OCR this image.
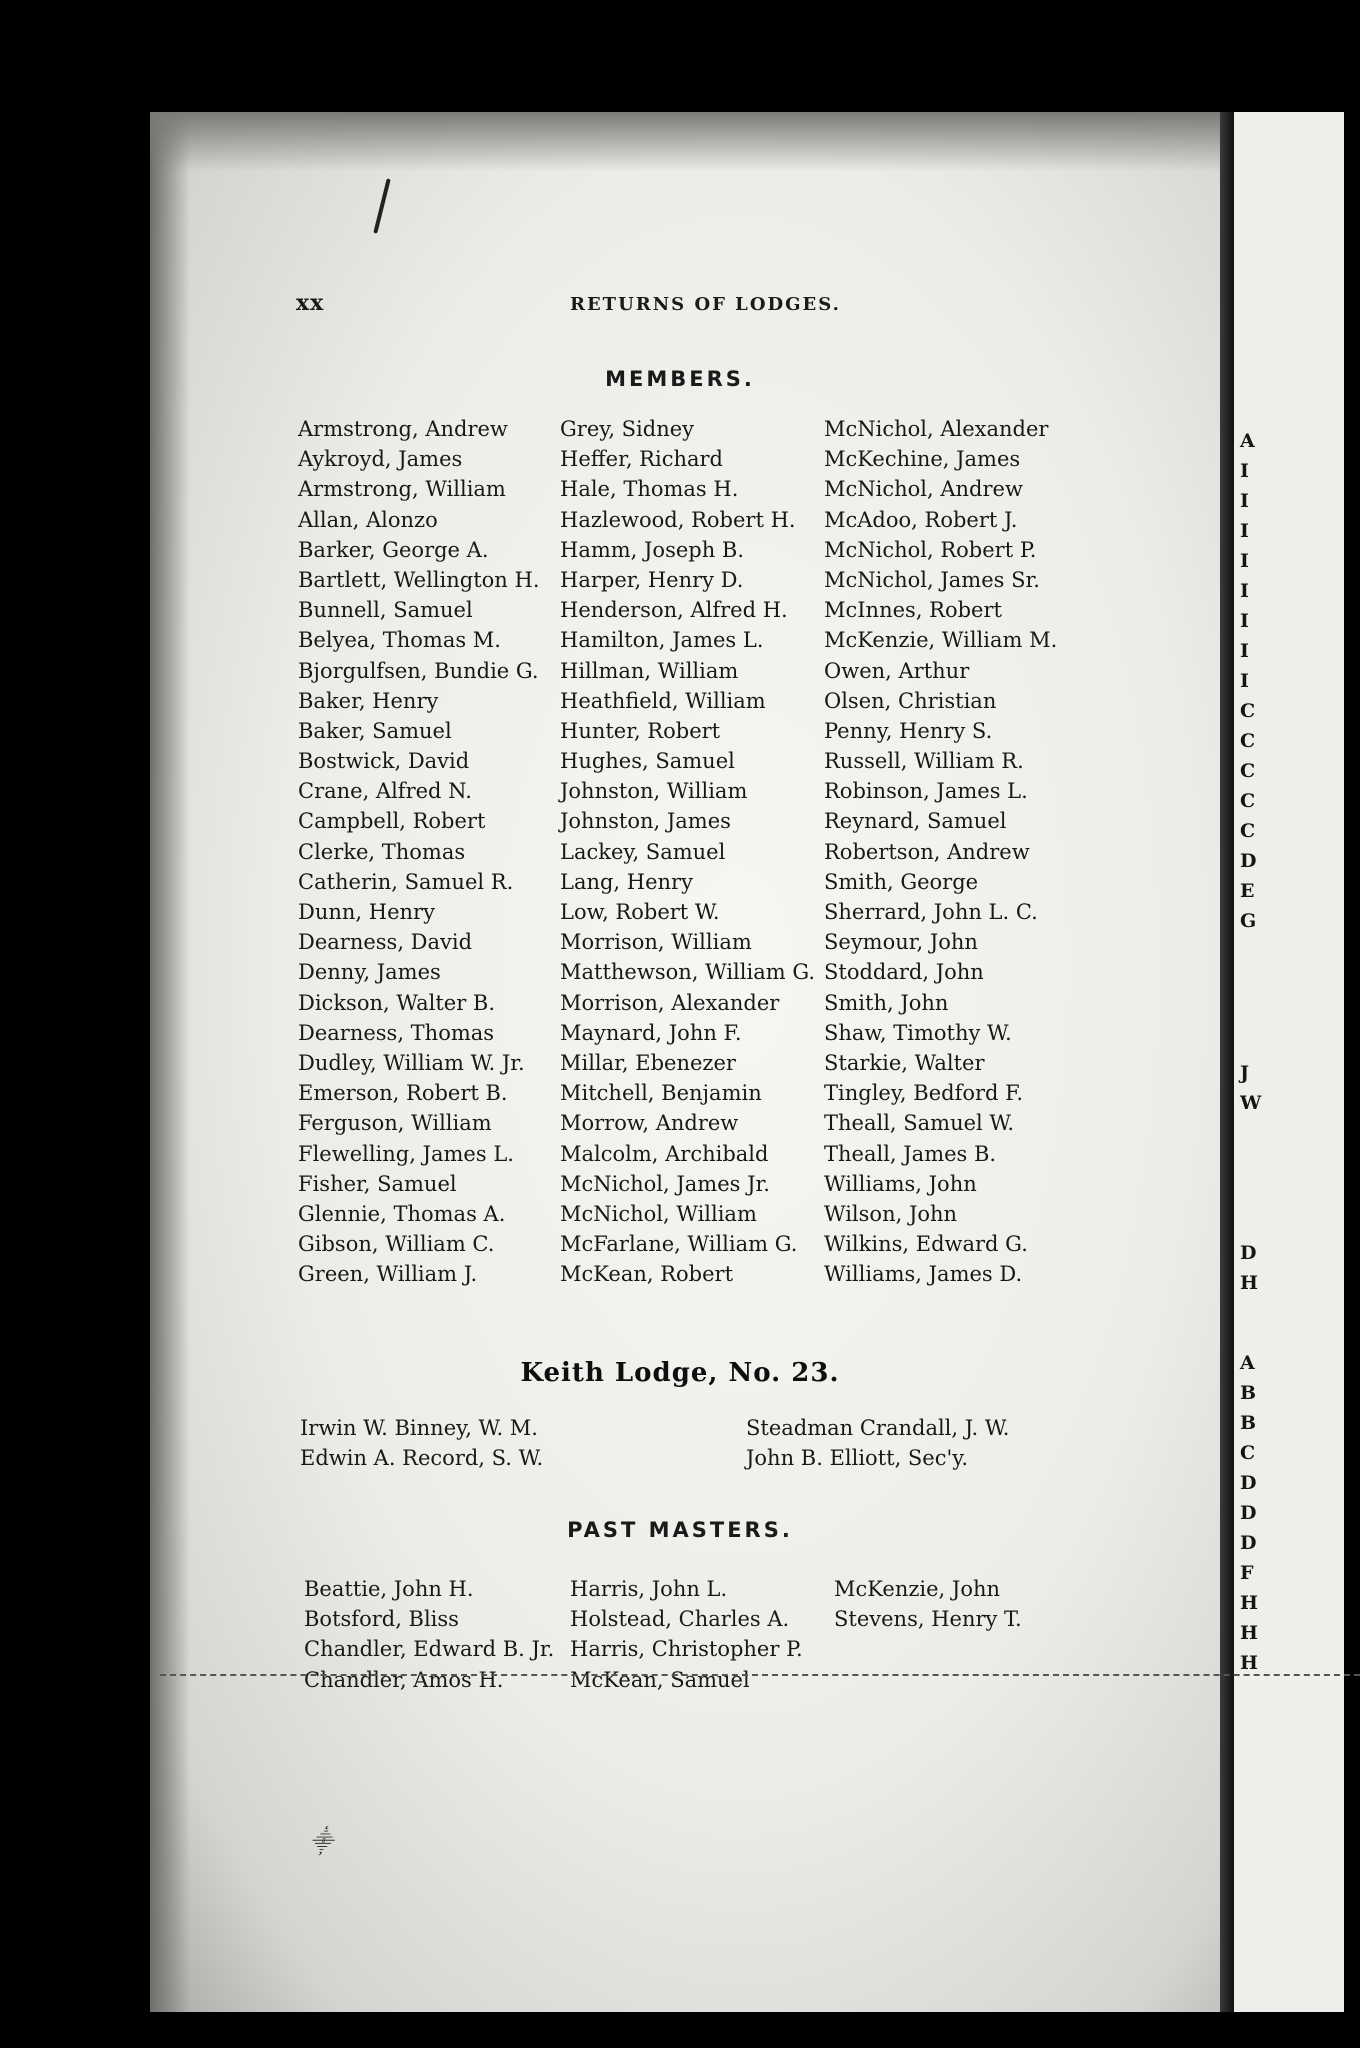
A
I
I
I
I
I
I
I
I
C
C
C
C
C
D
E
G
J
W
D
H
A
B
B
C
D
D
D
F
H
H
H
xx	RETURNS OF LODGES.
MEMBERS.
Armstrong, Andrew
Aykroyd, James
Armstrong, William
Allan, Alonzo
Barker, George A.
Bartlett, Wellington H.
Bunnell, Samuel
Belyea, Thomas M.
Bjorgulfsen, Bundie G.
Baker, Henry
Baker, Samuel
Bostwick, David
Crane, Alfred N.
Campbell, Robert
Clerke, Thomas
Catherin, Samuel R.
Dunn, Henry
Dearness, David
Denny, James
Dickson, Walter B.
Dearness, Thomas
Dudley, William W. Jr.
Emerson, Robert B.
Ferguson, William
Flewelling, James L.
Fisher, Samuel
Glennie, Thomas A.
Gibson, William C.
Green, William J.
Grey, Sidney
Heffer, Richard
Hale, Thomas H.
Hazlewood, Robert H.
Hamm, Joseph B.
Harper, Henry D.
Henderson, Alfred H.
Hamilton, James L.
Hillman, William
Heathfield, William
Hunter, Robert
Hughes, Samuel
Johnston, William
Johnston, James
Lackey, Samuel
Lang, Henry
Low, Robert W.
Morrison, William
Matthewson, William G.
Morrison, Alexander
Maynard, John F.
Millar, Ebenezer
Mitchell, Benjamin
Morrow, Andrew
Malcolm, Archibald
McNichol, James Jr.
McNichol, William
McFarlane, William G.
McKean, Robert
McNichol, Alexander
McKechine, James
McNichol, Andrew
McAdoo, Robert J.
McNichol, Robert P.
McNichol, James Sr.
McInnes, Robert
McKenzie, William M.
Owen, Arthur
Olsen, Christian
Penny, Henry S.
Russell, William R.
Robinson, James L.
Reynard, Samuel
Robertson, Andrew
Smith, George
Sherrard, John L. C.
Seymour, John
Stoddard, John
Smith, John
Shaw, Timothy W.
Starkie, Walter
Tingley, Bedford F.
Theall, Samuel W.
Theall, James B.
Williams, John
Wilson, John
Wilkins, Edward G.
Williams, James D.
Keith Lodge, No. 23.
Irwin W. Binney, W. M.
Edwin A. Record, S. W.
Steadman Crandall, J. W.
John B. Elliott, Sec'y.
PAST MASTERS.
Beattie, John H.
Botsford, Bliss
Chandler, Edward B. Jr.
Chandler, Amos H.
Harris, John L.
Holstead, Charles A.
Harris, Christopher P.
McKean, Samuel
McKenzie, John
Stevens, Henry T.
⸎
